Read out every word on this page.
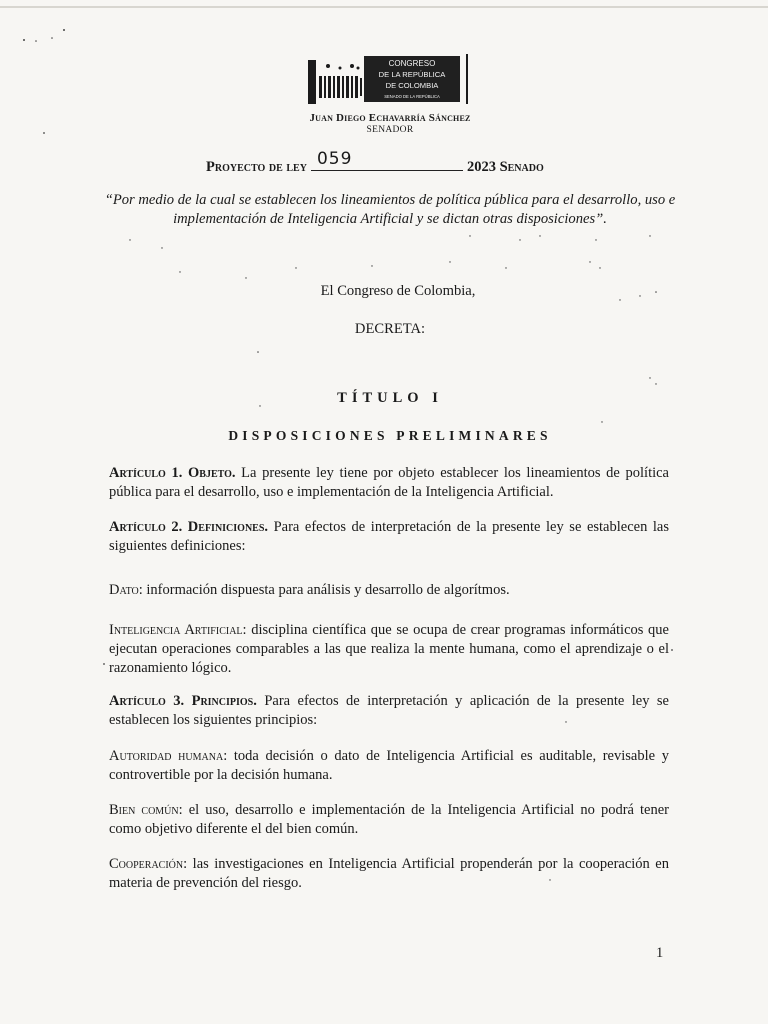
CONGRESO
DE LA REPÚBLICA
DE COLOMBIA
SENADO DE LA REPÚBLICA
Juan Diego Echavarría Sánchez
SENADOR
Proyecto de ley 059	2023 Senado
“Por medio de la cual se establecen los lineamientos de política pública para el desarrollo, uso e implementación de Inteligencia Artificial y se dictan otras disposiciones”.
El Congreso de Colombia,
DECRETA:
TÍTULO I
DISPOSICIONES PRELIMINARES
Artículo 1. Objeto. La presente ley tiene por objeto establecer los lineamientos de política pública para el desarrollo, uso e implementación de la Inteligencia Artificial.
Artículo 2. Definiciones. Para efectos de interpretación de la presente ley se establecen las siguientes definiciones:
Dato: información dispuesta para análisis y desarrollo de algorítmos.
Inteligencia Artificial: disciplina científica que se ocupa de crear programas informáticos que ejecutan operaciones comparables a las que realiza la mente humana, como el aprendizaje o el razonamiento lógico.
Artículo 3. Principios. Para efectos de interpretación y aplicación de la presente ley se establecen los siguientes principios:
Autoridad humana: toda decisión o dato de Inteligencia Artificial es auditable, revisable y controvertible por la decisión humana.
Bien común: el uso, desarrollo e implementación de la Inteligencia Artificial no podrá tener como objetivo diferente el del bien común.
Cooperación: las investigaciones en Inteligencia Artificial propenderán por la cooperación en materia de prevención del riesgo.
1
